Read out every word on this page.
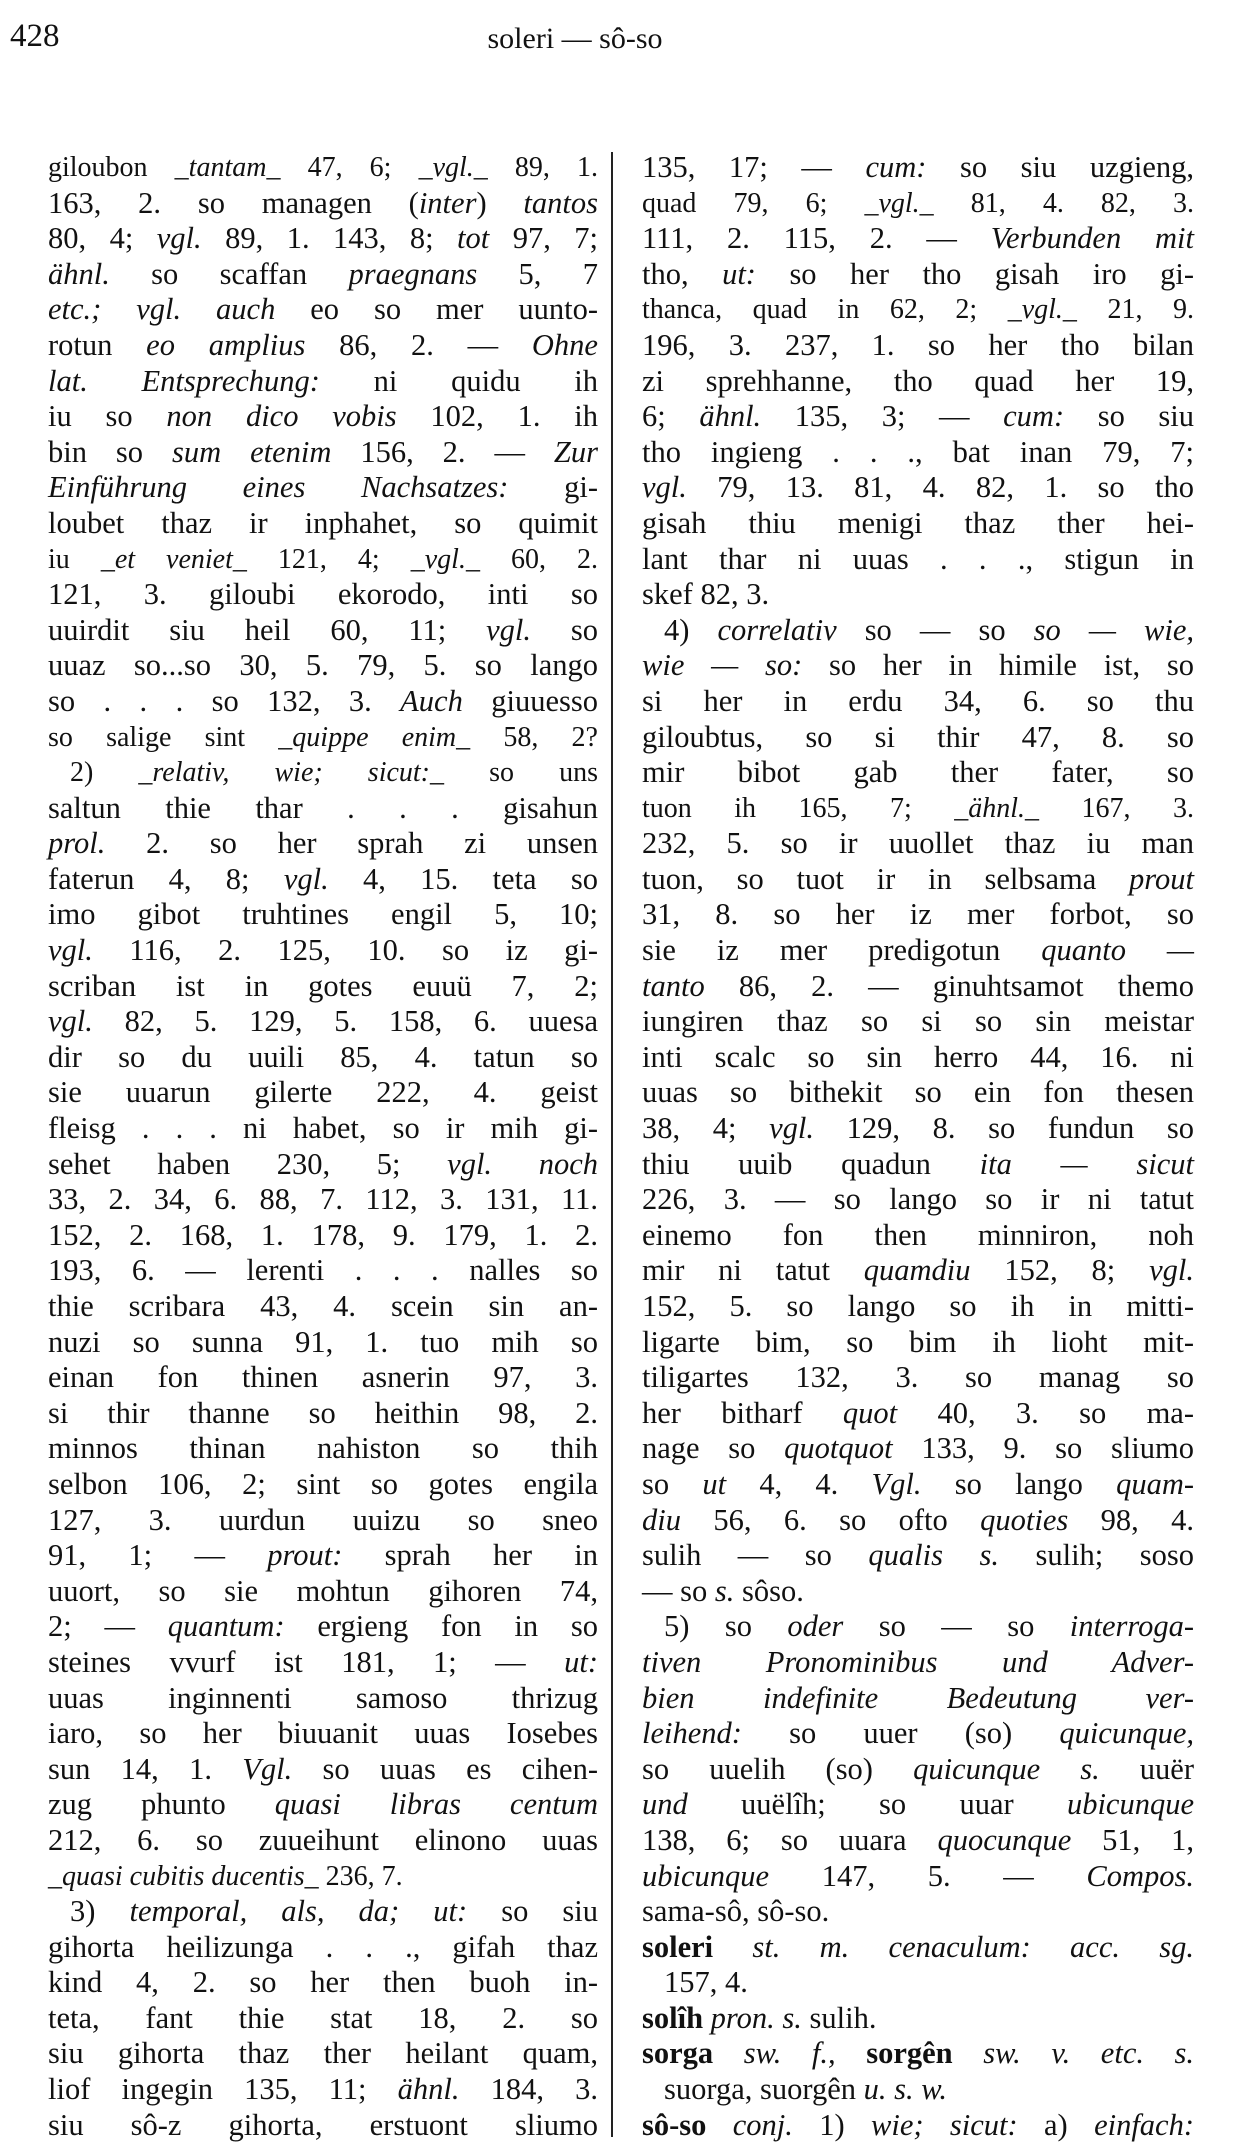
428	soleri — sô-so
giloubon _tantam_ 47, 6; _vgl._ 89, 1.
163, 2. so managen (inter) tantos
80, 4; vgl. 89, 1. 143, 8; tot 97, 7;
ähnl. so scaffan praegnans 5, 7
etc.; vgl. auch eo so mer uunto-
rotun eo amplius 86, 2. — Ohne
lat. Entsprechung: ni quidu ih
iu so non dico vobis 102, 1. ih
bin so sum etenim 156, 2. — Zur
Einführung eines Nachsatzes: gi-
loubet thaz ir inphahet, so quimit
iu _et veniet_ 121, 4; _vgl._ 60, 2.
121, 3. giloubi ekorodo, inti so
uuirdit siu heil 60, 11; vgl. so
uuaz so...so 30, 5. 79, 5. so lango
so . . . so 132, 3. Auch giuuesso
so salige sint _quippe enim_ 58, 2?
2) _relativ, wie; sicut:_ so uns
saltun thie thar . . . gisahun
prol. 2. so her sprah zi unsen
faterun 4, 8; vgl. 4, 15. teta so
imo gibot truhtines engil 5, 10;
vgl. 116, 2. 125, 10. so iz gi-
scriban ist in gotes euuü 7, 2;
vgl. 82, 5. 129, 5. 158, 6. uuesa
dir so du uuili 85, 4. tatun so
sie uuarun gilerte 222, 4. geist
fleisg . . . ni habet, so ir mih gi-
sehet haben 230, 5; vgl. noch
33, 2. 34, 6. 88, 7. 112, 3. 131, 11.
152, 2. 168, 1. 178, 9. 179, 1. 2.
193, 6. — lerenti . . . nalles so
thie scribara 43, 4. scein sin an-
nuzi so sunna 91, 1. tuo mih so
einan fon thinen asnerin 97, 3.
si thir thanne so heithin 98, 2.
minnos thinan nahiston so thih
selbon 106, 2; sint so gotes engila
127, 3. uurdun uuizu so sneo
91, 1; — prout: sprah her in
uuort, so sie mohtun gihoren 74,
2; — quantum: ergieng fon in so
steines vvurf ist 181, 1; — ut:
uuas inginnenti samoso thrizug
iaro, so her biuuanit uuas Iosebes
sun 14, 1. Vgl. so uuas es cihen-
zug phunto quasi libras centum
212, 6. so zuueihunt elinono uuas
_quasi cubitis ducentis_ 236, 7.
3) temporal, als, da; ut: so siu
gihorta heilizunga . . ., gifah thaz
kind 4, 2. so her then buoh in-
teta, fant thie stat 18, 2. so
siu gihorta thaz ther heilant quam,
liof ingegin 135, 11; ähnl. 184, 3.
siu sô-z gihorta, erstuont sliumo
135, 17; — cum: so siu uzgieng,
quad 79, 6; _vgl._ 81, 4. 82, 3.
111, 2. 115, 2. — Verbunden mit
tho, ut: so her tho gisah iro gi-
thanca, quad in 62, 2; _vgl._ 21, 9.
196, 3. 237, 1. so her tho bilan
zi sprehhanne, tho quad her 19,
6; ähnl. 135, 3; — cum: so siu
tho ingieng . . ., bat inan 79, 7;
vgl. 79, 13. 81, 4. 82, 1. so tho
gisah thiu menigi thaz ther hei-
lant thar ni uuas . . ., stigun in
skef 82, 3.
4) correlativ so — so so — wie,
wie — so: so her in himile ist, so
si her in erdu 34, 6. so thu
giloubtus, so si thir 47, 8. so
mir bibot gab ther fater, so
tuon ih 165, 7; _ähnl._ 167, 3.
232, 5. so ir uuollet thaz iu man
tuon, so tuot ir in selbsama prout
31, 8. so her iz mer forbot, so
sie iz mer predigotun quanto —
tanto 86, 2. — ginuhtsamot themo
iungiren thaz so si so sin meistar
inti scalc so sin herro 44, 16. ni
uuas so bithekit so ein fon thesen
38, 4; vgl. 129, 8. so fundun so
thiu uuib quadun ita — sicut
226, 3. — so lango so ir ni tatut
einemo fon then minniron, noh
mir ni tatut quamdiu 152, 8; vgl.
152, 5. so lango so ih in mitti-
ligarte bim, so bim ih lioht mit-
tiligartes 132, 3. so manag so
her bitharf quot 40, 3. so ma-
nage so quotquot 133, 9. so sliumo
so ut 4, 4. Vgl. so lango quam-
diu 56, 6. so ofto quoties 98, 4.
sulih — so qualis s. sulih; soso
— so s. sôso.
5) so oder so — so interroga-
tiven Pronominibus und Adver-
bien indefinite Bedeutung ver-
leihend: so uuer (so) quicunque,
so uuelih (so) quicunque s. uuër
und uuëlîh; so uuar ubicunque
138, 6; so uuara quocunque 51, 1,
ubicunque 147, 5. — Compos.
sama-sô, sô-so.
soleri st. m. cenaculum: acc. sg.
157, 4.
solîh pron. s. sulih.
sorga sw. f., sorgên sw. v. etc. s.
suorga, suorgên u. s. w.
sô-so conj. 1) wie; sicut: a) einfach:
